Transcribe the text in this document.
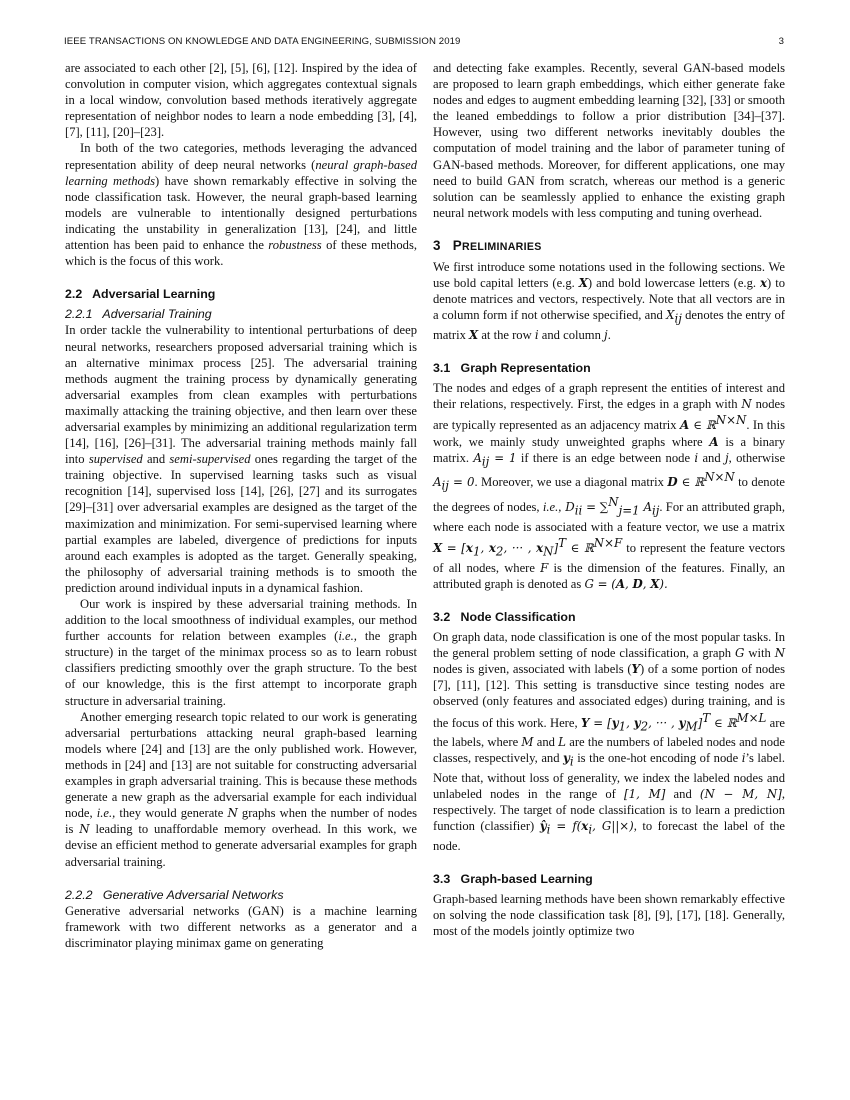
IEEE TRANSACTIONS ON KNOWLEDGE AND DATA ENGINEERING, SUBMISSION 2019	3

are associated to each other [2], [5], [6], [12]. Inspired by the idea of convolution in computer vision, which aggregates contextual signals in a local window, convolution based methods iteratively aggregate representation of neighbor nodes to learn a node embedding [3], [4], [7], [11], [20]–[23].

In both of the two categories, methods leveraging the advanced representation ability of deep neural networks (neural graph-based learning methods) have shown remarkably effective in solving the node classification task. However, the neural graph-based learning models are vulnerable to intentionally designed perturbations indicating the unstability in generalization [13], [24], and little attention has been paid to enhance the robustness of these methods, which is the focus of this work.

2.2   Adversarial Learning

2.2.1   Adversarial Training

In order tackle the vulnerability to intentional perturbations of deep neural networks, researchers proposed adversarial training which is an alternative minimax process [25]. The adversarial training methods augment the training process by dynamically generating adversarial examples from clean examples with perturbations maximally attacking the training objective, and then learn over these adversarial examples by minimizing an additional regularization term [14], [16], [26]–[31]. The adversarial training methods mainly fall into supervised and semi-supervised ones regarding the target of the training objective. In supervised learning tasks such as visual recognition [14], supervised loss [14], [26], [27] and its surrogates [29]–[31] over adversarial examples are designed as the target of the maximization and minimization. For semi-supervised learning where partial examples are labeled, divergence of predictions for inputs around each examples is adopted as the target. Generally speaking, the philosophy of adversarial training methods is to smooth the prediction around individual inputs in a dynamical fashion.

Our work is inspired by these adversarial training methods. In addition to the local smoothness of individual examples, our method further accounts for relation between examples (i.e., the graph structure) in the target of the minimax process so as to learn robust classifiers predicting smoothly over the graph structure. To the best of our knowledge, this is the first attempt to incorporate graph structure in adversarial training.

Another emerging research topic related to our work is generating adversarial perturbations attacking neural graph-based learning models where [24] and [13] are the only published work. However, methods in [24] and [13] are not suitable for constructing adversarial examples in graph adversarial training. This is because these methods generate a new graph as the adversarial example for each individual node, i.e., they would generate N graphs when the number of nodes is N leading to unaffordable memory overhead. In this work, we devise an efficient method to generate adversarial examples for graph adversarial training.

2.2.2   Generative Adversarial Networks

Generative adversarial networks (GAN) is a machine learning framework with two different networks as a generator and a discriminator playing minimax game on generating

and detecting fake examples. Recently, several GAN-based models are proposed to learn graph embeddings, which either generate fake nodes and edges to augment embedding learning [32], [33] or smooth the leaned embeddings to follow a prior distribution [34]–[37]. However, using two different networks inevitably doubles the computation of model training and the labor of parameter tuning of GAN-based methods. Moreover, for different applications, one may need to build GAN from scratch, whereas our method is a generic solution can be seamlessly applied to enhance the existing graph neural network models with less computing and tuning overhead.

3   PRELIMINARIES

We first introduce some notations used in the following sections. We use bold capital letters (e.g. X) and bold lowercase letters (e.g. x) to denote matrices and vectors, respectively. Note that all vectors are in a column form if not otherwise specified, and $X_{ij}$ denotes the entry of matrix X at the row i and column j.

3.1   Graph Representation

The nodes and edges of a graph represent the entities of interest and their relations, respectively. First, the edges in a graph with N nodes are typically represented as an adjacency matrix A ∈ ℝ$^{N\times N}$. In this work, we mainly study unweighted graphs where A is a binary matrix. $A_{ij} = 1$ if there is an edge between node i and j, otherwise $A_{ij} = 0$. Moreover, we use a diagonal matrix D ∈ ℝ$^{N\times N}$ to denote the degrees of nodes, i.e., $D_{ii} = \sum^N_{j=1}$ $A_{ij}$. For an attributed graph, where each node is associated with a feature vector, we use a matrix $X = [x_1$, $x_2$, ··· , $x_N]^T$ ∈ ℝ$^{N\times F}$ to represent the feature vectors of all nodes, where F is the dimension of the features. Finally, an attributed graph is denoted as G = (A, D, X).

3.2   Node Classification

On graph data, node classification is one of the most popular tasks. In the general problem setting of node classification, a graph G with N nodes is given, associated with labels (Y) of a some portion of nodes [7], [11], [12]. This setting is transductive since testing nodes are observed (only features and associated edges) during training, and is the focus of this work. Here, $Y = [y_1$, $y_2$, ··· , $y_M]^T$ ∈ ℝ$^{M\times L}$ are the labels, where M and L are the numbers of labeled nodes and node classes, respectively, and $y_i$ is the one-hot encoding of node i’s label. Note that, without loss of generality, we index the labeled nodes and unlabeled nodes in the range of [1, M] and (N − M, N], respectively. The target of node classification is to learn a prediction function (classifier) $ŷ_i = f(x_i$, G||×), to forecast the label of the node.

3.3   Graph-based Learning

Graph-based learning methods have been shown remarkably effective on solving the node classification task [8], [9], [17], [18]. Generally, most of the models jointly optimize two
